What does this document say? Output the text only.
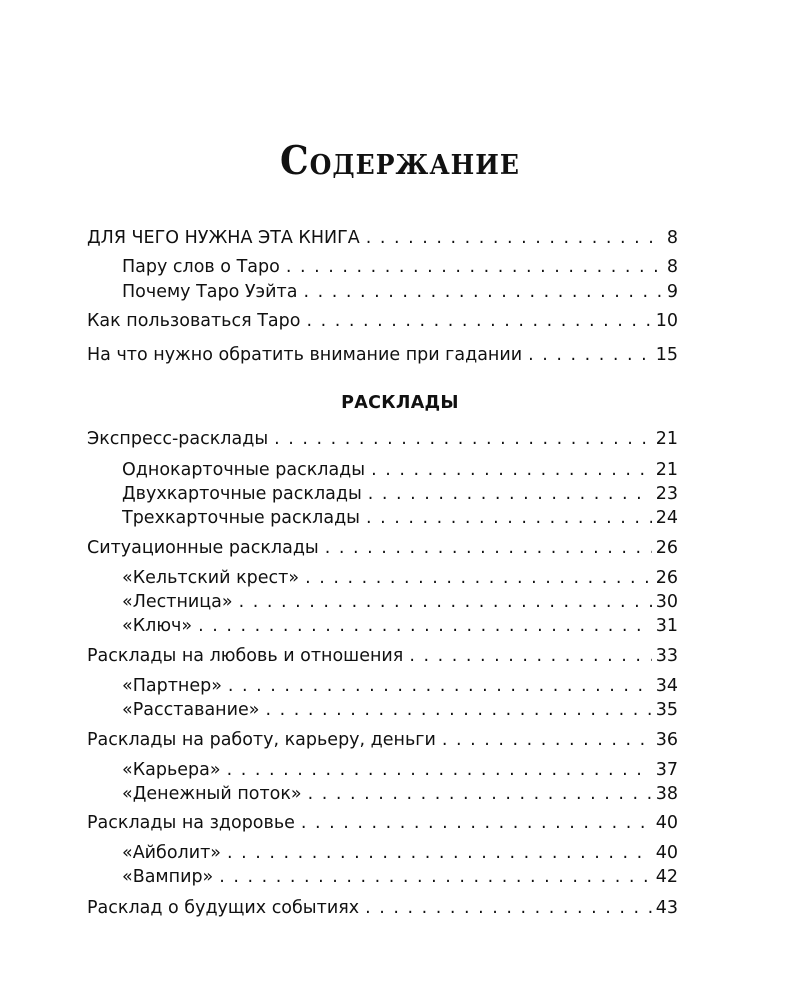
Содержание
ДЛЯ ЧЕГО НУЖНА ЭТА КНИГА . . .	8
Пару слов о Таро . . .	8
Почему Таро Уэйта . . .	9
Как пользоваться Таро . . .	10
На что нужно обратить внимание при гадании . . .	15
РАСКЛАДЫ
Экспресс-расклады . . .	21
Однокарточные расклады . . .	21
Двухкарточные расклады . . .	23
Трехкарточные расклады . . .	24
Ситуационные расклады . . .	26
«Кельтский крест» . . .	26
«Лестница» . . .	30
«Ключ» . . .	31
Расклады на любовь и отношения . . .	33
«Партнер» . . .	34
«Расставание» . . .	35
Расклады на работу, карьеру, деньги . . .	36
«Карьера» . . .	37
«Денежный поток» . . .	38
Расклады на здоровье . . .	40
«Айболит» . . .	40
«Вампир» . . .	42
Расклад о будущих событиях . . .	43
